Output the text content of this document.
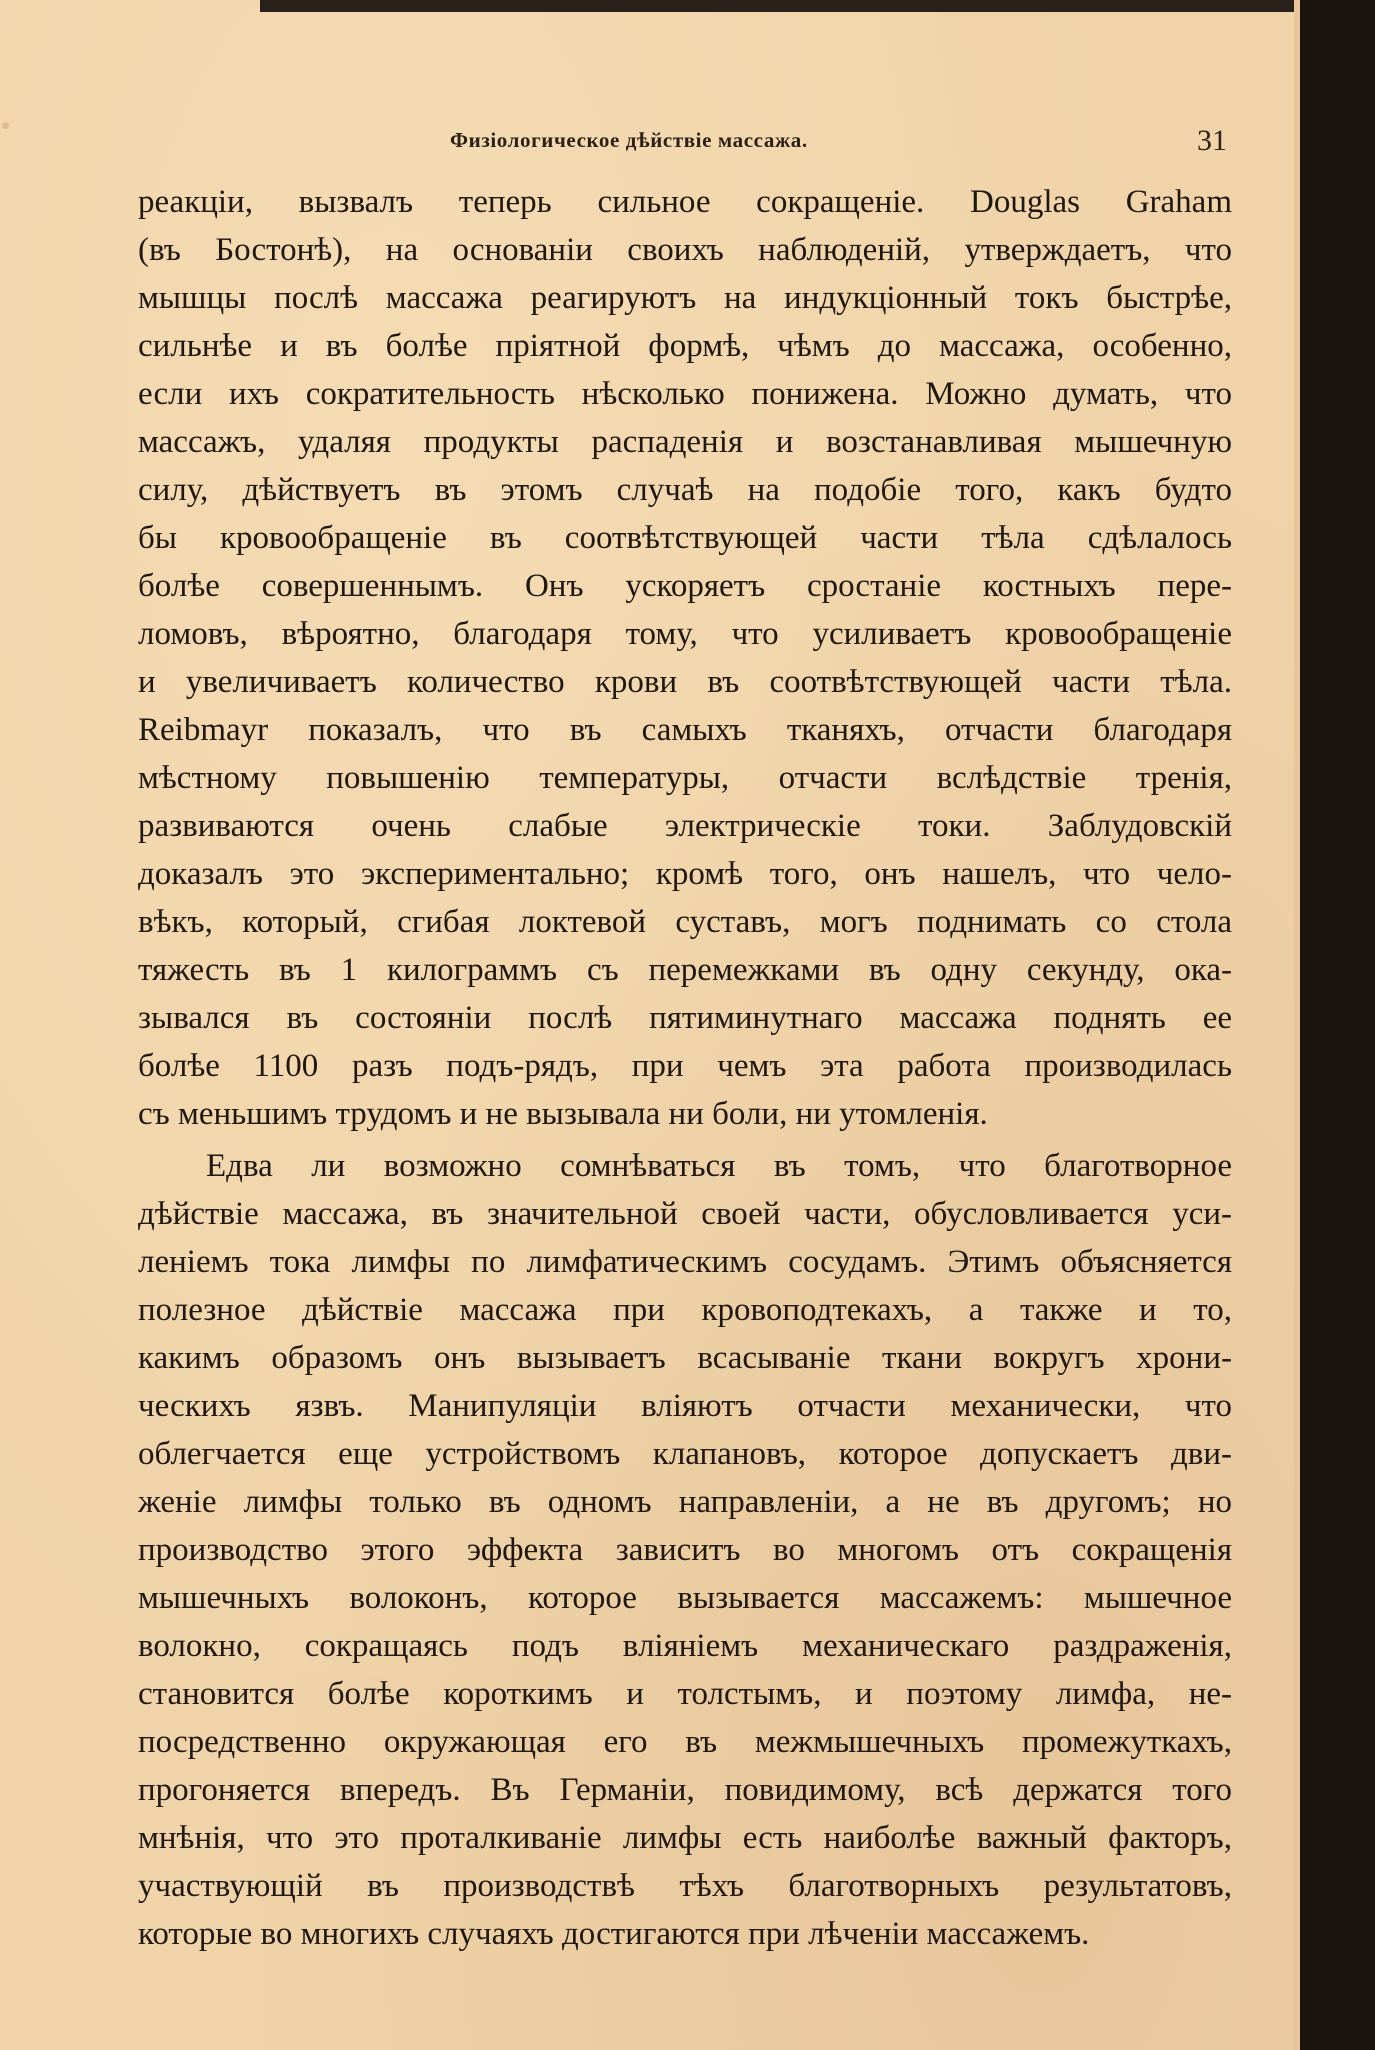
Физiологическое дѣйствiе массажа.	31
реакцiи, вызвалъ теперь сильное сокращенiе. Douglas Graham
(въ Бостонѣ), на основанiи своихъ наблюденiй, утверждаетъ, что
мышцы послѣ массажа реагируютъ на индукцiонный токъ быстрѣе,
сильнѣе и въ болѣе прiятной формѣ, чѣмъ до массажа, особенно,
если ихъ сократительность нѣсколько понижена. Можно думать, что
массажъ, удаляя продукты распаденiя и возстанавливая мышечную
силу, дѣйствуетъ въ этомъ случаѣ на подобiе того, какъ будто
бы кровообращенiе въ соотвѣтствующей части тѣла сдѣлалось
болѣе совершеннымъ. Онъ ускоряетъ сростанiе костныхъ пере-
ломовъ, вѣроятно, благодаря тому, что усиливаетъ кровообращенiе
и увеличиваетъ количество крови въ соотвѣтствующей части тѣла.
Reibmayr показалъ, что въ самыхъ тканяхъ, отчасти благодаря
мѣстному повышенiю температуры, отчасти вслѣдствiе тренiя,
развиваются очень слабые электрическiе токи. Заблудовскiй
доказалъ это экспериментально; кромѣ того, онъ нашелъ, что чело-
вѣкъ, который, сгибая локтевой суставъ, могъ поднимать со стола
тяжесть въ 1 килограммъ съ перемежками въ одну секунду, ока-
зывался въ состоянiи послѣ пятиминутнаго массажа поднять ее
болѣе 1100 разъ подъ-рядъ, при чемъ эта работа производилась
съ меньшимъ трудомъ и не вызывала ни боли, ни утомленiя.
Едва ли возможно сомнѣваться въ томъ, что благотворное
дѣйствiе массажа, въ значительной своей части, обусловливается уси-
ленiемъ тока лимфы по лимфатическимъ сосудамъ. Этимъ объясняется
полезное дѣйствiе массажа при кровоподтекахъ, а также и то,
какимъ образомъ онъ вызываетъ всасыванiе ткани вокругъ хрони-
ческихъ язвъ. Манипуляцiи влiяютъ отчасти механически, что
облегчается еще устройствомъ клапановъ, которое допускаетъ дви-
женiе лимфы только въ одномъ направленiи, а не въ другомъ; но
производство этого эффекта зависитъ во многомъ отъ сокращенiя
мышечныхъ волоконъ, которое вызывается массажемъ: мышечное
волокно, сокращаясь подъ влiянiемъ механическаго раздраженiя,
становится болѣе короткимъ и толстымъ, и поэтому лимфа, не-
посредственно окружающая его въ межмышечныхъ промежуткахъ,
прогоняется впередъ. Въ Германiи, повидимому, всѣ держатся того
мнѣнiя, что это проталкиванiе лимфы есть наиболѣе важный факторъ,
участвующiй въ производствѣ тѣхъ благотворныхъ результатовъ,
которые во многихъ случаяхъ достигаются при лѣченiи массажемъ.
